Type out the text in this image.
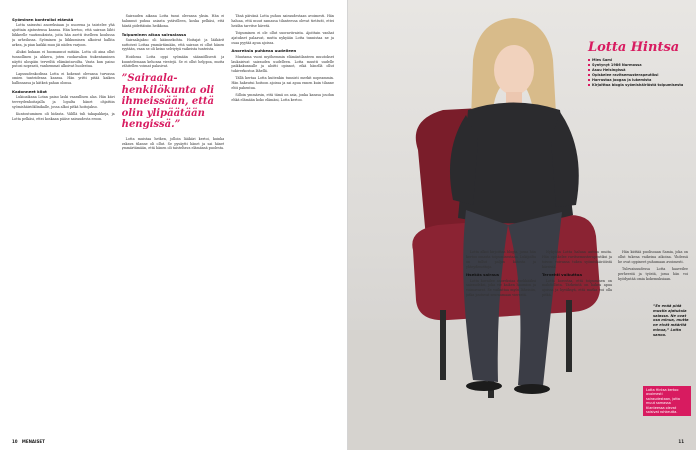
Syöminen kontrolloi elämää

Lotta sairastui anoreksiaan jo nuorena ja taistelee yhä ajoittain ajatustensa kanssa. Hän kertoo, että sairaus lähti liikkeelle vaatimuksista, joita hän asetti itselleen koulussa ja urheilussa. Syöminen ja liikkuminen alkoivat hallita arkea, ja pian kaikki muu jäi niiden varjoon.

Aluksi kukaan ei huomannut mitään. Lotta oli aina ollut tunnollinen ja ahkera, joten ruokavalion tiukentaminen näytti ulospäin terveiltä elämäntavoilta. Vasta kun paino putosi nopeasti, vanhemmat alkoivat huolestua.

Lapsuudenkodissa Lotta ei kokenut olevansa turvassa omien tunteidensa kanssa. Hän yritti pitää kaiken hallinnassa ja kätkeä pahan olonsa.

Kadonneet kilot

Lukioaikana Lotan paino laski vaarallisen alas. Hän kävi terveydenhoitajalla ja lopulta hänet ohjattiin syömishäiriöklinikalle, jossa alkoi pitkä hoitojakso.

Kuntoutuminen oli hidasta. Välillä tuli takapakkeja, ja Lotta pelkäsi, ettei koskaan pääse sairaudesta eroon.

Sairauden aikana Lotta tunsi olevansa yksin. Hän ei halunnut puhua asiasta ystävilleen, koska pelkäsi, että häntä pidettäisiin heikkona.

Toipuminen alkaa sairaalassa

Sairaalajakso oli käännekohta. Hoitajat ja lääkärit auttoivat Lottaa ymmärtämään, että sairaus ei ollut hänen syytään, vaan se oli keino selviytyä vaikeista tunteista.

Hoidossa Lotta oppi syömään säännöllisesti ja kuuntelemaan kehonsa viestejä. Se ei ollut helppoa, mutta vähitellen voimat palasivat.

”Sairaala-henkilökunta oli ihmeissään, että olin ylipäätään hengissä.”

Lotta muistaa hetken, jolloin lääkäri kertoi, kuinka vakava tilanne oli ollut. Se pysäytti hänet ja sai hänet ymmärtämään, että hänen oli taisteltava elämänsä puolesta.

Tänä päivänä Lotta puhuu sairaudestaan avoimesti. Hän haluaa, että muut samassa tilanteessa olevat tietävät, ettei heidän tarvitse hävetä.

Toipuminen ei ole ollut suoraviivaista. Ajoittain vanhat ajatukset palaavat, mutta nykyään Lotta tunnistaa ne ja osaa pyytää apua ajoissa.

Anoreksia puhkeaa uudelleen

Muutama vuosi myöhemmin elämäntilanteen muutokset laukaisivat sairauden uudelleen. Lotta muutti uudelle paikkakunnalle ja aloitti opinnot, eikä hänellä ollut tukiverkostoa lähellä.

Tällä kertaa Lotta kuitenkin tunnisti merkit nopeammin. Hän hakeutui hoitoon ajoissa ja sai apua ennen kuin tilanne ehti pahentua.

Silloin ymmärsin, että tämä on asia, jonka kanssa joudun ehkä elämään koko elämäni, Lotta kertoo.

10 MENAISET
Lotta Hintsa
Mies Sami
Syntynyt 1986 Nurmossa
Asuu Helsingissä
Opiskelee ravitsemusterapeutiksi
Harrastaa joogaa ja lukemista
Kirjoittaa blogia syömishäiriöstä toipumisesta

Lotta alkoi kirjoittaa blogia, jossa hän kertoo omasta toipumisestaan. Lukijoilta on tullut paljon kiitosta ja yhteydenottoja.

Itsekäs sairaus

Lotta kuvailee anoreksiaa itsekkääksi sairaudeksi, joka vie kaiken huomion ja voimavarat. Se vaikuttaa myös läheisiin, jotka joutuvat seuraamaan vierestä.

Nykyään Lotta haluaa auttaa muita. Hän opiskelee ravitsemusterapeutiksi ja toivoo voivansa tukea syömishäiriöistä kärsiviä.

Tervehti vaikuttaa

Lotta korostaa, että toipuminen on mahdollista. Tärkeintä on hakea apua ajoissa ja hyväksyä, että matka voi olla pitkä.

Hän kiittää puolisoaan Samia, joka on ollut tukena vaikeina aikoina. Yhdessä he ovat oppineet puhumaan avoimesti.

Tulevaisuudessa Lotta haaveilee perheestä ja työstä, jossa hän voi hyödyntää omia kokemuksiaan.

”En enää pidä mustia ajatuksia salassa. Ne ovat osa minua, mutta ne eivät määritä minua,” Lotta sanoo.
Lotta Hintsa kertoo avoimesti sairaudestaan, jotta muut samassa tilanteessa olevat saisivat rohkeutta.
11
